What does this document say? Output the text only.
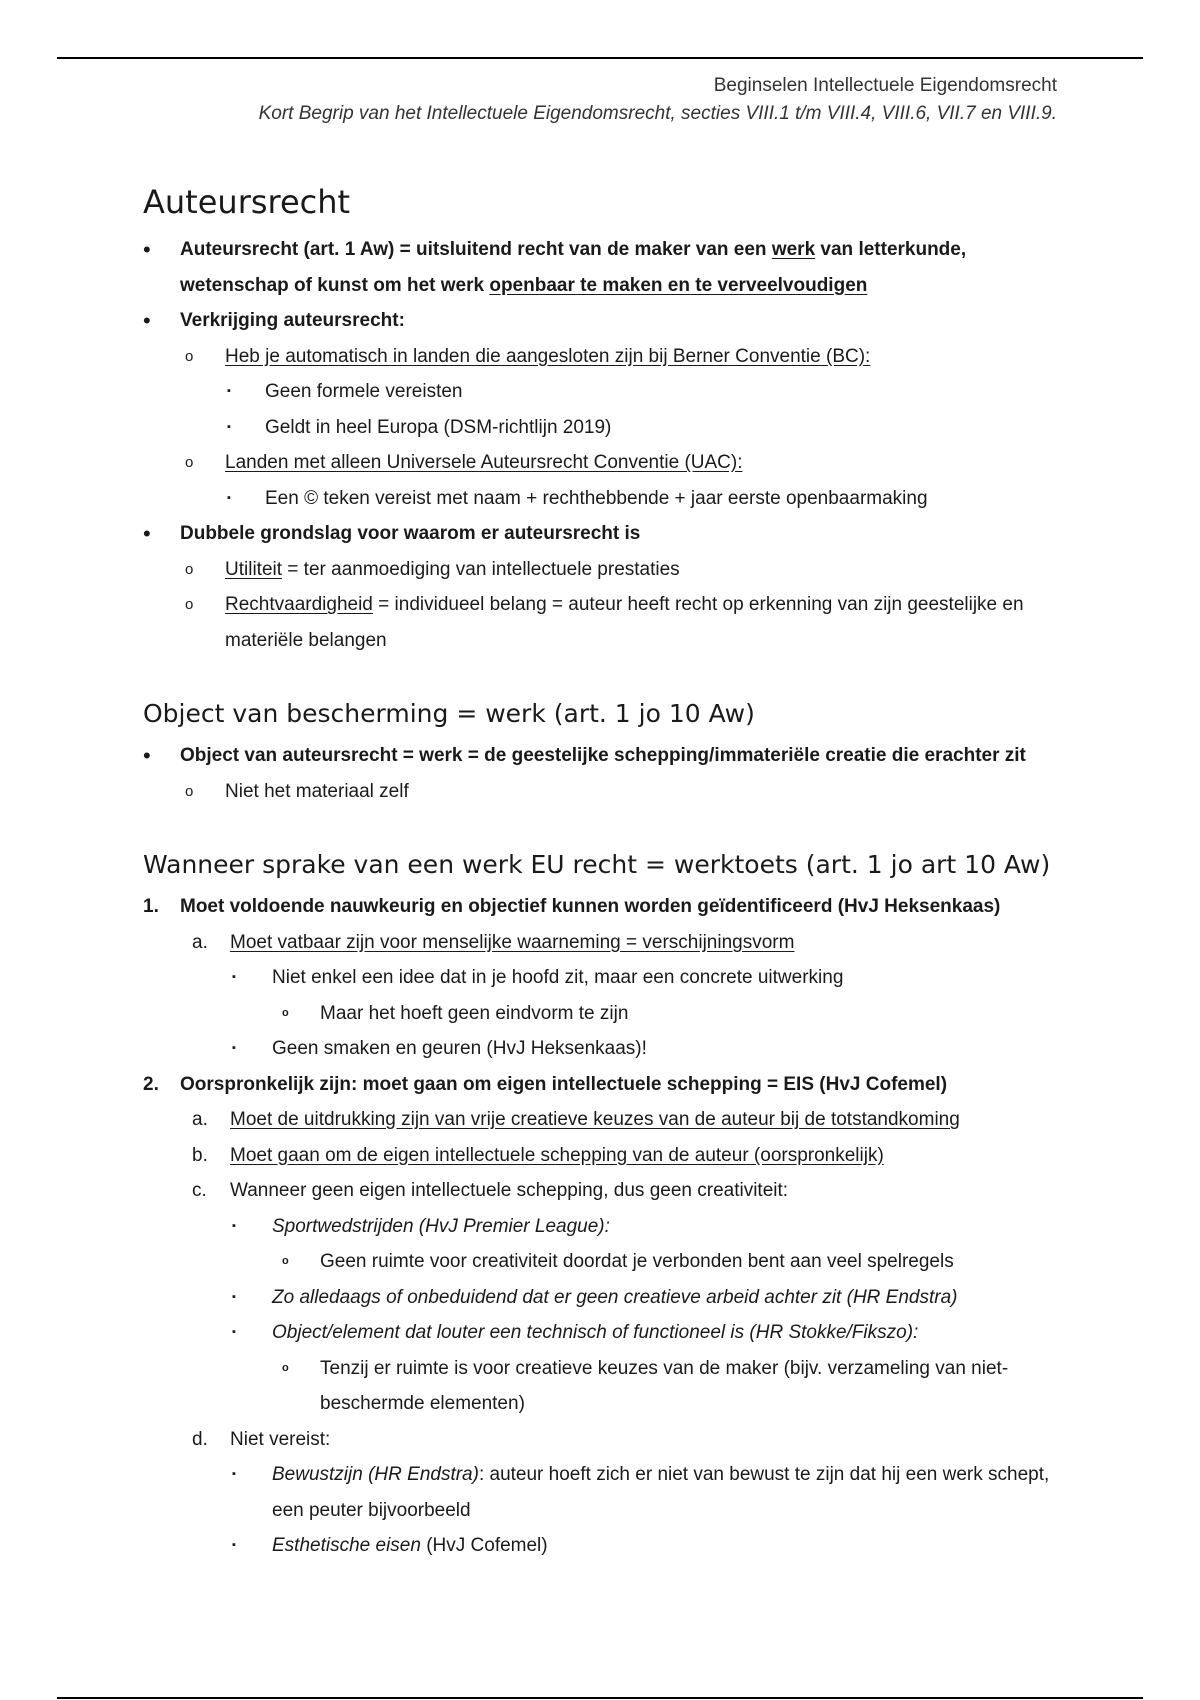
Beginselen Intellectuele Eigendomsrecht
Kort Begrip van het Intellectuele Eigendomsrecht, secties VIII.1 t/m VIII.4, VIII.6, VII.7 en VIII.9.
Auteursrecht
• Auteursrecht (art. 1 Aw) = uitsluitend recht van de maker van een werk van letterkunde, wetenschap of kunst om het werk openbaar te maken en te verveelvoudigen
• Verkrijging auteursrecht:
o Heb je automatisch in landen die aangesloten zijn bij Berner Conventie (BC):
▪ Geen formele vereisten
▪ Geldt in heel Europa (DSM-richtlijn 2019)
o Landen met alleen Universele Auteursrecht Conventie (UAC):
▪ Een © teken vereist met naam + rechthebbende + jaar eerste openbaarmaking
• Dubbele grondslag voor waarom er auteursrecht is
o Utiliteit = ter aanmoediging van intellectuele prestaties
o Rechtvaardigheid = individueel belang = auteur heeft recht op erkenning van zijn geestelijke en materiële belangen
Object van bescherming = werk (art. 1 jo 10 Aw)
• Object van auteursrecht = werk = de geestelijke schepping/immateriële creatie die erachter zit
o Niet het materiaal zelf
Wanneer sprake van een werk EU recht = werktoets (art. 1 jo art 10 Aw)
1. Moet voldoende nauwkeurig en objectief kunnen worden geïdentificeerd (HvJ Heksenkaas)
a. Moet vatbaar zijn voor menselijke waarneming = verschijningsvorm
▪ Niet enkel een idee dat in je hoofd zit, maar een concrete uitwerking
o Maar het hoeft geen eindvorm te zijn
▪ Geen smaken en geuren (HvJ Heksenkaas)!
2. Oorspronkelijk zijn: moet gaan om eigen intellectuele schepping = EIS (HvJ Cofemel)
a. Moet de uitdrukking zijn van vrije creatieve keuzes van de auteur bij de totstandkoming
b. Moet gaan om de eigen intellectuele schepping van de auteur (oorspronkelijk)
c. Wanneer geen eigen intellectuele schepping, dus geen creativiteit:
▪ Sportwedstrijden (HvJ Premier League):
o Geen ruimte voor creativiteit doordat je verbonden bent aan veel spelregels
▪ Zo alledaags of onbeduidend dat er geen creatieve arbeid achter zit (HR Endstra)
▪ Object/element dat louter een technisch of functioneel is (HR Stokke/Fikszo):
o Tenzij er ruimte is voor creatieve keuzes van de maker (bijv. verzameling van niet-beschermde elementen)
d. Niet vereist:
▪ Bewustzijn (HR Endstra): auteur hoeft zich er niet van bewust te zijn dat hij een werk schept, een peuter bijvoorbeeld
▪ Esthetische eisen (HvJ Cofemel)
